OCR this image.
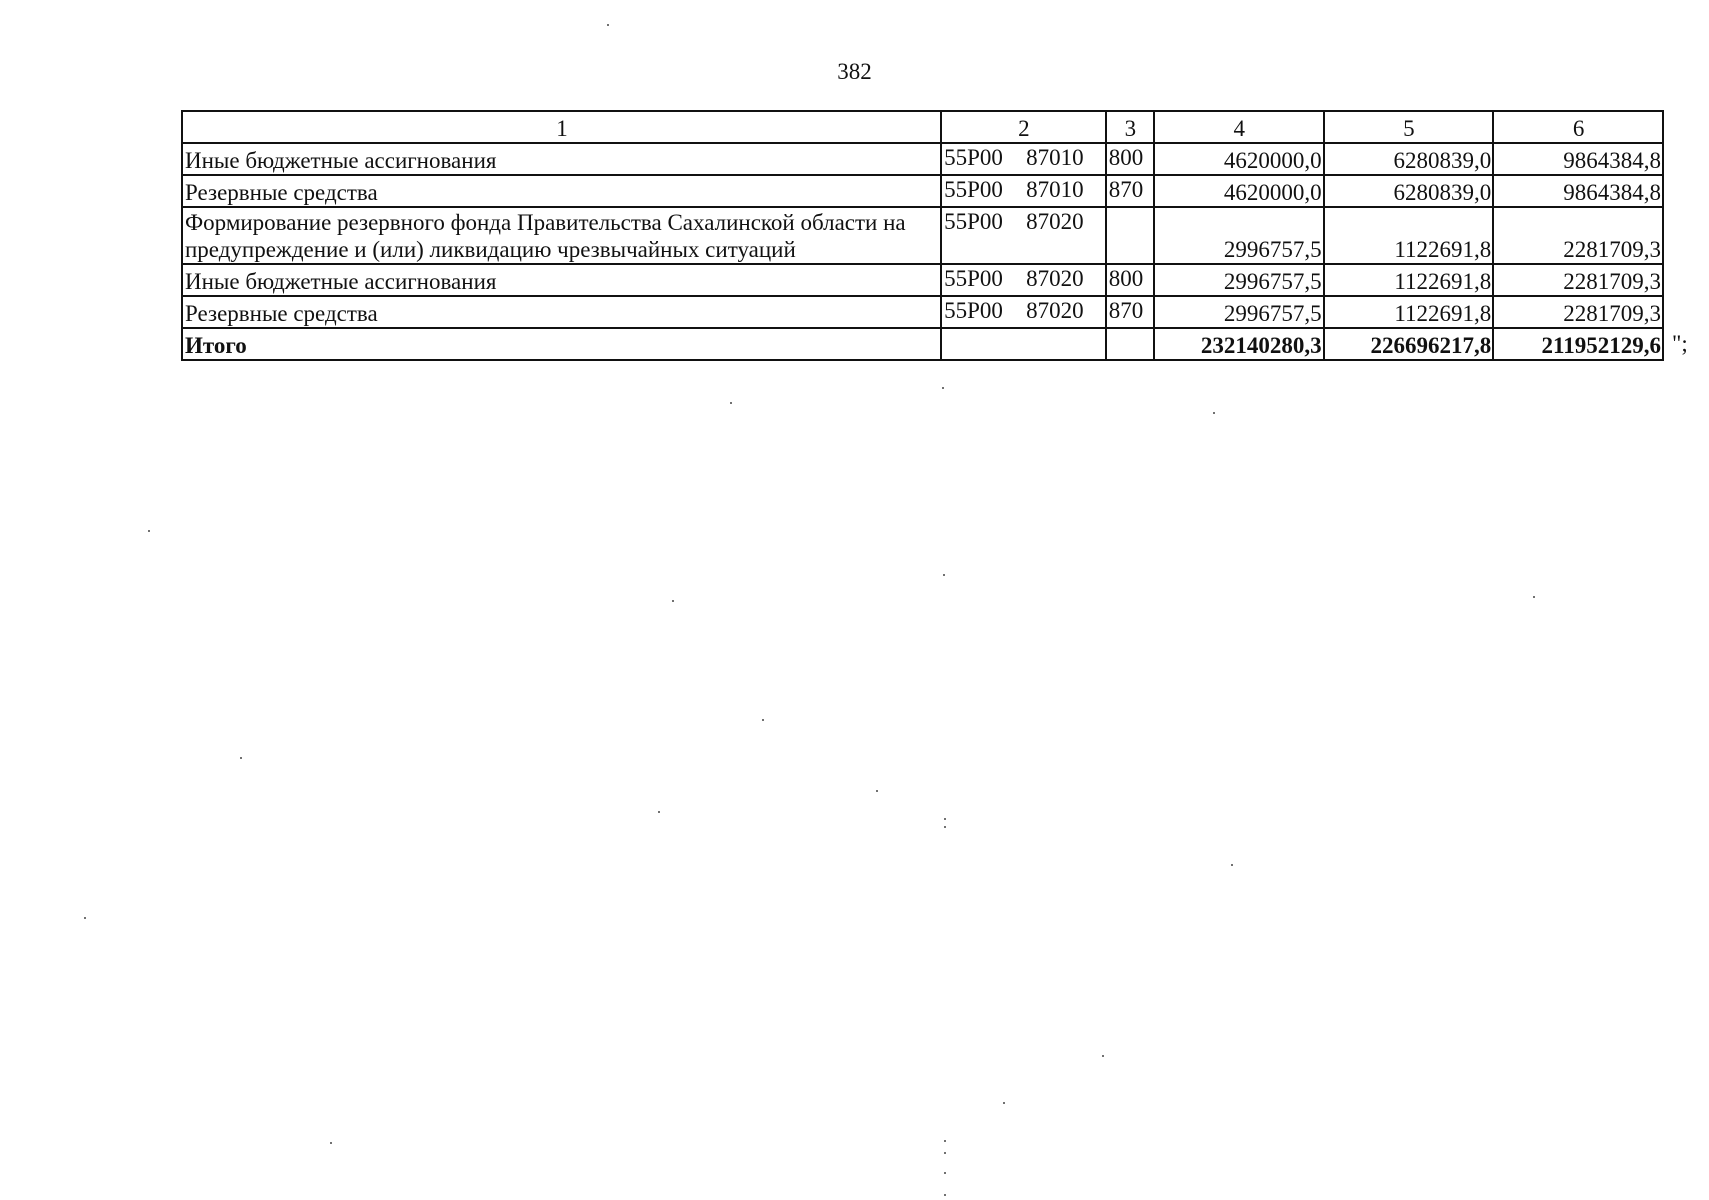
382
1	2	3	4	5	6
Иные бюджетные ассигнования	55Р00 87010	800	4620000,0	6280839,0	9864384,8
Резервные средства	55Р00 87010	870	4620000,0	6280839,0	9864384,8
Формирование резервного фонда Правительства Сахалинской области на предупреждение и (или) ликвидацию чрезвычайных ситуаций	55Р00 87020		2996757,5	1122691,8	2281709,3
Иные бюджетные ассигнования	55Р00 87020	800	2996757,5	1122691,8	2281709,3
Резервные средства	55Р00 87020	870	2996757,5	1122691,8	2281709,3
Итого			232140280,3	226696217,8	211952129,6 ";
